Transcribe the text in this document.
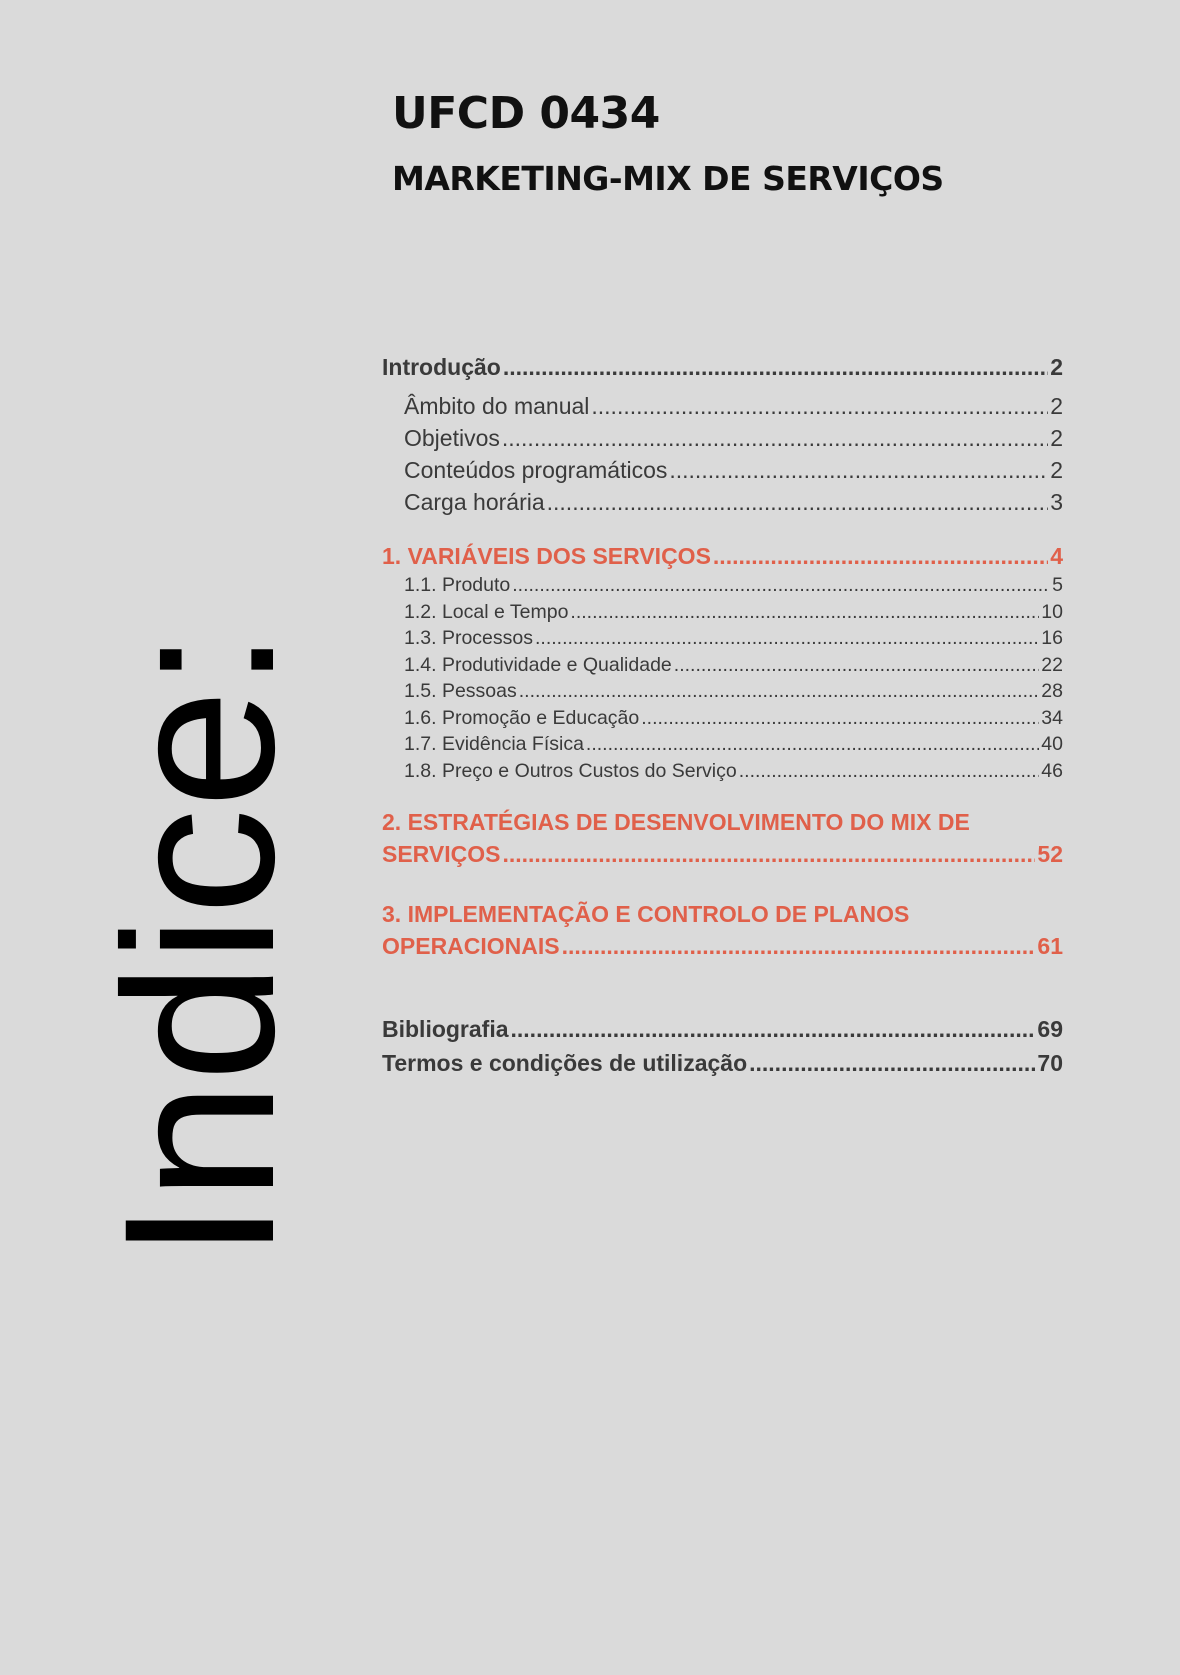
UFCD 0434
MARKETING-MIX DE SERVIÇOS
Indice:
Introdução .....	2
Âmbito do manual .....	2
Objetivos .....	2
Conteúdos programáticos .....	2
Carga horária .....	3
1. VARIÁVEIS DOS SERVIÇOS .....	4
1.1. Produto .....	5
1.2. Local e Tempo .....	10
1.3. Processos .....	16
1.4. Produtividade e Qualidade .....	22
1.5. Pessoas .....	28
1.6. Promoção e Educação .....	34
1.7. Evidência Física .....	40
1.8. Preço e Outros Custos do Serviço .....	46
2. ESTRATÉGIAS DE DESENVOLVIMENTO DO MIX DE
SERVIÇOS .....	52
3. IMPLEMENTAÇÃO E CONTROLO DE PLANOS
OPERACIONAIS .....	61
Bibliografia .....	69
Termos e condições de utilização .....	70
